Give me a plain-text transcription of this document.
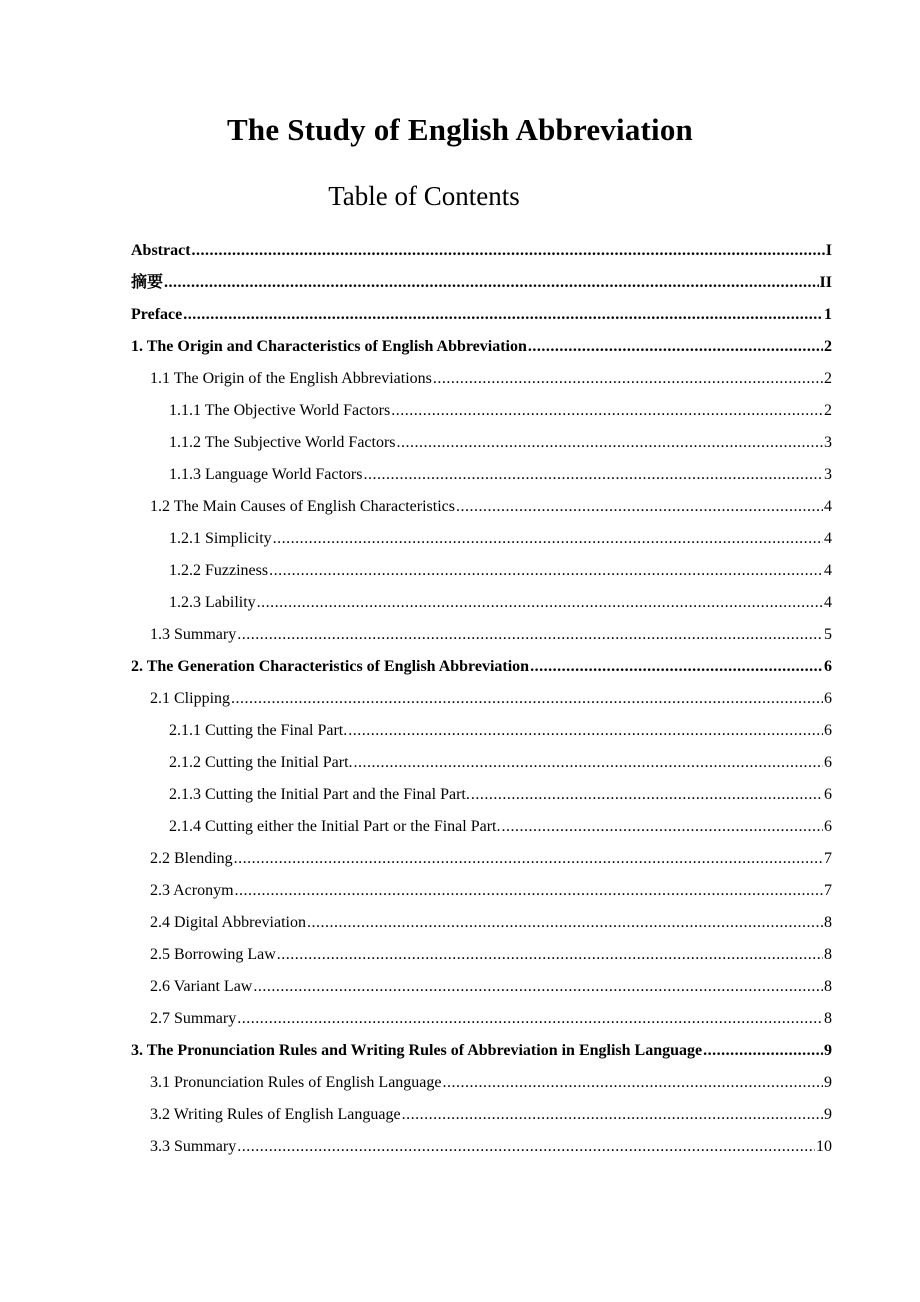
The Study of English Abbreviation
Table of Contents
Abstract .....	I
摘要 .....	II
Preface .....	1
1. The Origin and Characteristics of English Abbreviation .....	2
1.1 The Origin of the English Abbreviations .....	2
1.1.1 The Objective World Factors .....	2
1.1.2 The Subjective World Factors .....	3
1.1.3 Language World Factors .....	3
1.2 The Main Causes of English Characteristics .....	4
1.2.1 Simplicity .....	4
1.2.2 Fuzziness .....	4
1.2.3 Lability .....	4
1.3 Summary .....	5
2. The Generation Characteristics of English Abbreviation .....	6
2.1 Clipping .....	6
2.1.1 Cutting the Final Part. .....	6
2.1.2 Cutting the Initial Part. .....	6
2.1.3 Cutting the Initial Part and the Final Part. .....	6
2.1.4 Cutting either the Initial Part or the Final Part. .....	6
2.2 Blending .....	7
2.3 Acronym .....	7
2.4 Digital Abbreviation .....	8
2.5 Borrowing Law .....	8
2.6 Variant Law .....	8
2.7 Summary .....	8
3. The Pronunciation Rules and Writing Rules of Abbreviation in English Language .....	9
3.1 Pronunciation Rules of English Language .....	9
3.2 Writing Rules of English Language .....	9
3.3 Summary .....	10
